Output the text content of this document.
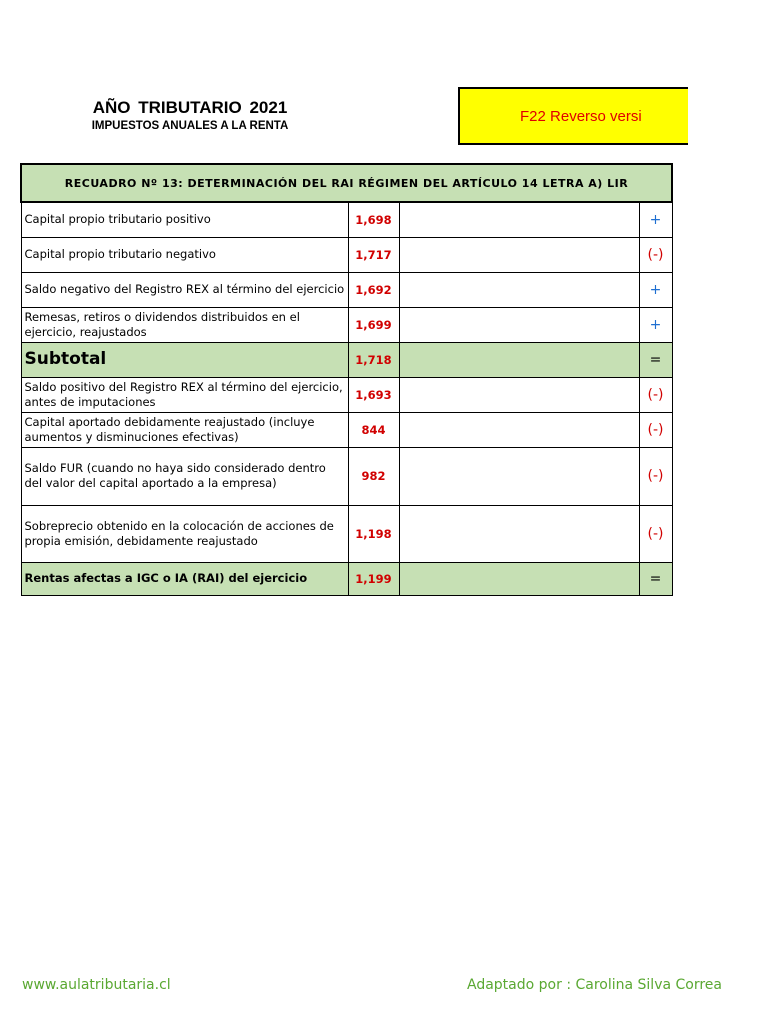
AÑO TRIBUTARIO 2021
IMPUESTOS ANUALES A LA RENTA
F22 Reverso versi
RECUADRO Nº 13: DETERMINACIÓN DEL RAI RÉGIMEN DEL ARTÍCULO 14 LETRA A) LIR			
Capital propio tributario positivo	1,698		+
Capital propio tributario negativo	1,717		(-)
Saldo negativo del Registro REX al término del ejercicio	1,692		+
Remesas, retiros o dividendos distribuidos en el ejercicio, reajustados	1,699		+
Subtotal	1,718		=
Saldo positivo del Registro REX al término del ejercicio, antes de imputaciones	1,693		(-)
Capital aportado debidamente reajustado (incluye aumentos y disminuciones efectivas)	844		(-)
Saldo FUR (cuando no haya sido considerado dentro del valor del capital aportado a la empresa)	982		(-)
Sobreprecio obtenido en la colocación de acciones de propia emisión, debidamente reajustado	1,198		(-)
Rentas afectas a IGC o IA (RAI) del ejercicio	1,199		=
www.aulatributaria.cl	Adaptado por : Carolina Silva Correa
